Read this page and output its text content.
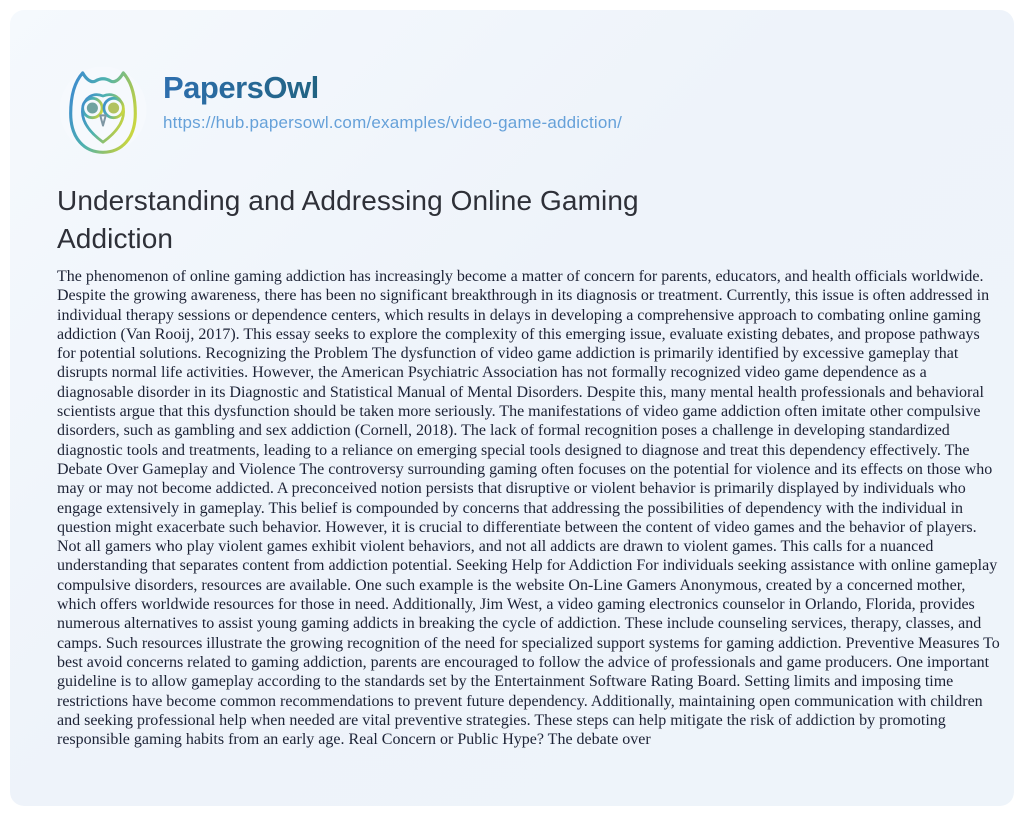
PapersOwl
https://hub.papersowl.com/examples/video-game-addiction/
Understanding and Addressing Online Gaming Addiction

The phenomenon of online gaming addiction has increasingly become a matter of concern for parents, educators, and health officials worldwide. Despite the growing awareness, there has been no significant breakthrough in its diagnosis or treatment. Currently, this issue is often addressed in individual therapy sessions or dependence centers, which results in delays in developing a comprehensive approach to combating online gaming addiction (Van Rooij, 2017). This essay seeks to explore the complexity of this emerging issue, evaluate existing debates, and propose pathways for potential solutions. Recognizing the Problem The dysfunction of video game addiction is primarily identified by excessive gameplay that disrupts normal life activities. However, the American Psychiatric Association has not formally recognized video game dependence as a diagnosable disorder in its Diagnostic and Statistical Manual of Mental Disorders. Despite this, many mental health professionals and behavioral scientists argue that this dysfunction should be taken more seriously. The manifestations of video game addiction often imitate other compulsive disorders, such as gambling and sex addiction (Cornell, 2018). The lack of formal recognition poses a challenge in developing standardized diagnostic tools and treatments, leading to a reliance on emerging special tools designed to diagnose and treat this dependency effectively. The Debate Over Gameplay and Violence The controversy surrounding gaming often focuses on the potential for violence and its effects on those who may or may not become addicted. A preconceived notion persists that disruptive or violent behavior is primarily displayed by individuals who engage extensively in gameplay. This belief is compounded by concerns that addressing the possibilities of dependency with the individual in question might exacerbate such behavior. However, it is crucial to differentiate between the content of video games and the behavior of players. Not all gamers who play violent games exhibit violent behaviors, and not all addicts are drawn to violent games. This calls for a nuanced understanding that separates content from addiction potential. Seeking Help for Addiction For individuals seeking assistance with online gameplay compulsive disorders, resources are available. One such example is the website On-Line Gamers Anonymous, created by a concerned mother, which offers worldwide resources for those in need. Additionally, Jim West, a video gaming electronics counselor in Orlando, Florida, provides numerous alternatives to assist young gaming addicts in breaking the cycle of addiction. These include counseling services, therapy, classes, and camps. Such resources illustrate the growing recognition of the need for specialized support systems for gaming addiction. Preventive Measures To best avoid concerns related to gaming addiction, parents are encouraged to follow the advice of professionals and game producers. One important guideline is to allow gameplay according to the standards set by the Entertainment Software Rating Board. Setting limits and imposing time restrictions have become common recommendations to prevent future dependency. Additionally, maintaining open communication with children and seeking professional help when needed are vital preventive strategies. These steps can help mitigate the risk of addiction by promoting responsible gaming habits from an early age. Real Concern or Public Hype? The debate over
